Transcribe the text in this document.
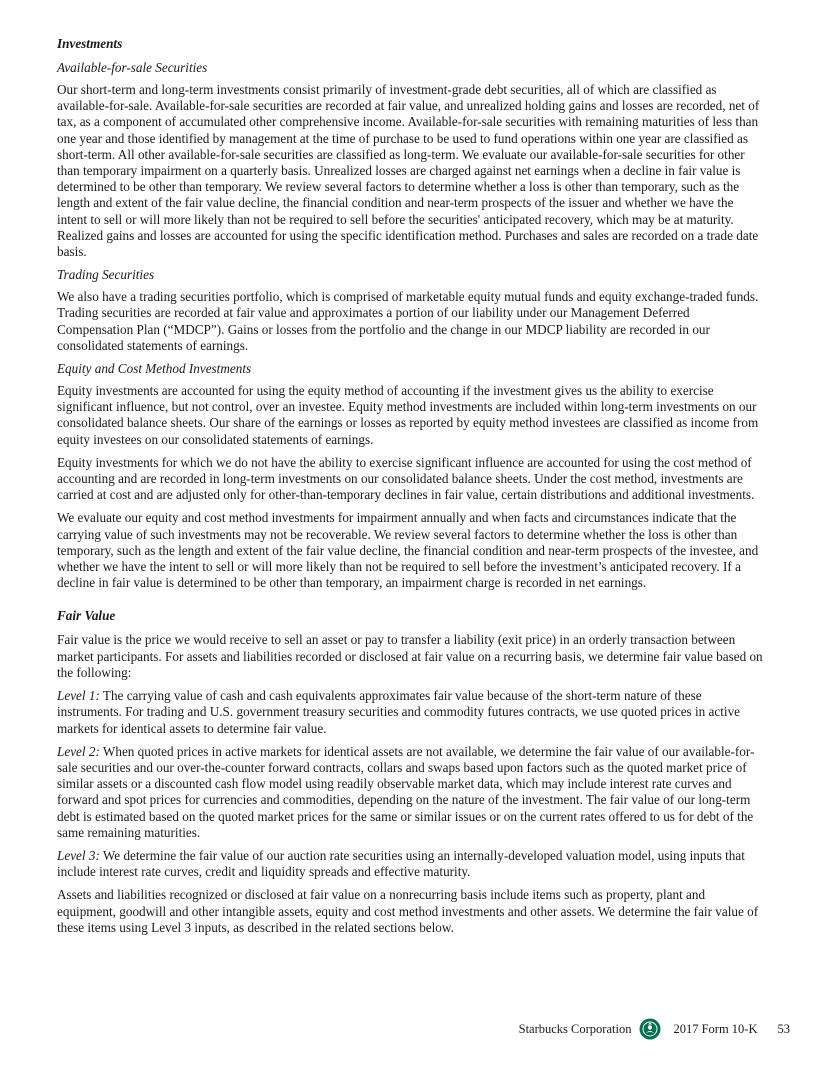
Investments
Available-for-sale Securities

Our short-term and long-term investments consist primarily of investment-grade debt securities, all of which are classified as available-for-sale. Available-for-sale securities are recorded at fair value, and unrealized holding gains and losses are recorded, net of tax, as a component of accumulated other comprehensive income. Available-for-sale securities with remaining maturities of less than one year and those identified by management at the time of purchase to be used to fund operations within one year are classified as short-term. All other available-for-sale securities are classified as long-term. We evaluate our available-for-sale securities for other than temporary impairment on a quarterly basis. Unrealized losses are charged against net earnings when a decline in fair value is determined to be other than temporary. We review several factors to determine whether a loss is other than temporary, such as the length and extent of the fair value decline, the financial condition and near-term prospects of the issuer and whether we have the intent to sell or will more likely than not be required to sell before the securities' anticipated recovery, which may be at maturity. Realized gains and losses are accounted for using the specific identification method. Purchases and sales are recorded on a trade date basis.

Trading Securities

We also have a trading securities portfolio, which is comprised of marketable equity mutual funds and equity exchange-traded funds. Trading securities are recorded at fair value and approximates a portion of our liability under our Management Deferred Compensation Plan (“MDCP”). Gains or losses from the portfolio and the change in our MDCP liability are recorded in our consolidated statements of earnings.

Equity and Cost Method Investments

Equity investments are accounted for using the equity method of accounting if the investment gives us the ability to exercise significant influence, but not control, over an investee. Equity method investments are included within long-term investments on our consolidated balance sheets. Our share of the earnings or losses as reported by equity method investees are classified as income from equity investees on our consolidated statements of earnings.

Equity investments for which we do not have the ability to exercise significant influence are accounted for using the cost method of accounting and are recorded in long-term investments on our consolidated balance sheets. Under the cost method, investments are carried at cost and are adjusted only for other-than-temporary declines in fair value, certain distributions and additional investments.

We evaluate our equity and cost method investments for impairment annually and when facts and circumstances indicate that the carrying value of such investments may not be recoverable. We review several factors to determine whether the loss is other than temporary, such as the length and extent of the fair value decline, the financial condition and near-term prospects of the investee, and whether we have the intent to sell or will more likely than not be required to sell before the investment’s anticipated recovery. If a decline in fair value is determined to be other than temporary, an impairment charge is recorded in net earnings.

Fair Value

Fair value is the price we would receive to sell an asset or pay to transfer a liability (exit price) in an orderly transaction between market participants. For assets and liabilities recorded or disclosed at fair value on a recurring basis, we determine fair value based on the following:

Level 1: The carrying value of cash and cash equivalents approximates fair value because of the short-term nature of these instruments. For trading and U.S. government treasury securities and commodity futures contracts, we use quoted prices in active markets for identical assets to determine fair value.

Level 2: When quoted prices in active markets for identical assets are not available, we determine the fair value of our available-for-sale securities and our over-the-counter forward contracts, collars and swaps based upon factors such as the quoted market price of similar assets or a discounted cash flow model using readily observable market data, which may include interest rate curves and forward and spot prices for currencies and commodities, depending on the nature of the investment. The fair value of our long-term debt is estimated based on the quoted market prices for the same or similar issues or on the current rates offered to us for debt of the same remaining maturities.

Level 3: We determine the fair value of our auction rate securities using an internally-developed valuation model, using inputs that include interest rate curves, credit and liquidity spreads and effective maturity.

Assets and liabilities recognized or disclosed at fair value on a nonrecurring basis include items such as property, plant and equipment, goodwill and other intangible assets, equity and cost method investments and other assets. We determine the fair value of these items using Level 3 inputs, as described in the related sections below.

Starbucks Corporation	2017 Form 10-K 53
